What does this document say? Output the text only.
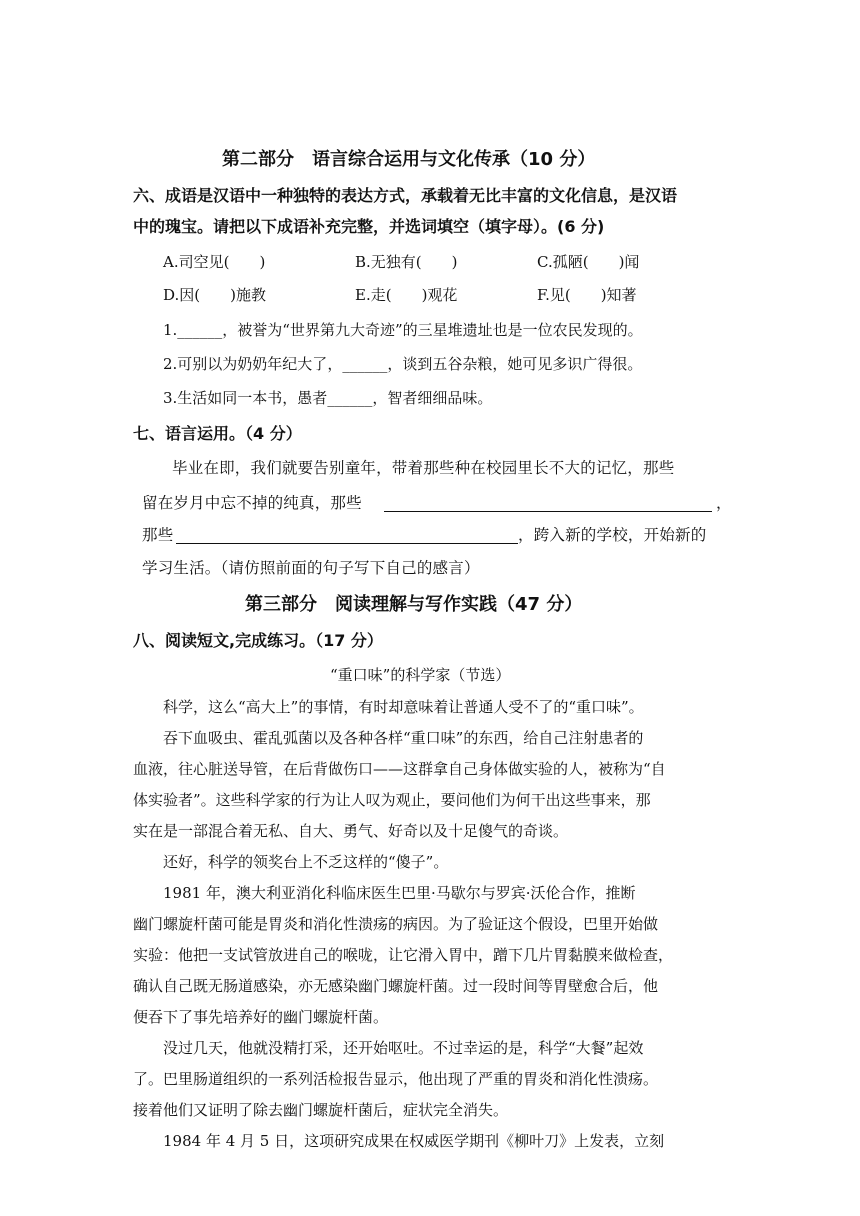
第二部分　语言综合运用与文化传承（10 分）
六、成语是汉语中一种独特的表达方式，承载着无比丰富的文化信息，是汉语
中的瑰宝。请把以下成语补充完整，并选词填空（填字母）。(6 分)
A.司空见(　　)	B.无独有(　　)	C.孤陋(　　)闻
D.因(　　)施教	E.走(　　)观花	F.见(　　)知著
1.______，被誉为“世界第九大奇迹”的三星堆遗址也是一位农民发现的。
2.可别以为奶奶年纪大了，______，谈到五谷杂粮，她可见多识广得很。
3.生活如同一本书，愚者______，智者细细品味。
七、语言运用。（4 分）
毕业在即，我们就要告别童年，带着那些种在校园里长不大的记忆，那些
留在岁月中忘不掉的纯真，那些	，
那些	，跨入新的学校，开始新的
学习生活。（请仿照前面的句子写下自己的感言）
第三部分　阅读理解与写作实践（47 分）
八、阅读短文,完成练习。（17 分）
“重口味”的科学家（节选）
　　科学，这么“高大上”的事情，有时却意味着让普通人受不了的“重口味”。
　　吞下血吸虫、霍乱弧菌以及各种各样“重口味”的东西，给自己注射患者的
血液，往心脏送导管，在后背做伤口——这群拿自己身体做实验的人，被称为“自
体实验者”。这些科学家的行为让人叹为观止，要问他们为何干出这些事来，那
实在是一部混合着无私、自大、勇气、好奇以及十足傻气的奇谈。
　　还好，科学的领奖台上不乏这样的“傻子”。
　　1981 年，澳大利亚消化科临床医生巴里·马歇尔与罗宾·沃伦合作，推断
幽门螺旋杆菌可能是胃炎和消化性溃疡的病因。为了验证这个假设，巴里开始做
实验：他把一支试管放进自己的喉咙，让它滑入胃中，蹭下几片胃黏膜来做检查，
确认自己既无肠道感染，亦无感染幽门螺旋杆菌。过一段时间等胃壁愈合后，他
便吞下了事先培养好的幽门螺旋杆菌。
　　没过几天，他就没精打采，还开始呕吐。不过幸运的是，科学“大餐”起效
了。巴里肠道组织的一系列活检报告显示，他出现了严重的胃炎和消化性溃疡。
接着他们又证明了除去幽门螺旋杆菌后，症状完全消失。
　　1984 年 4 月 5 日，这项研究成果在权威医学期刊《柳叶刀》上发表，立刻
